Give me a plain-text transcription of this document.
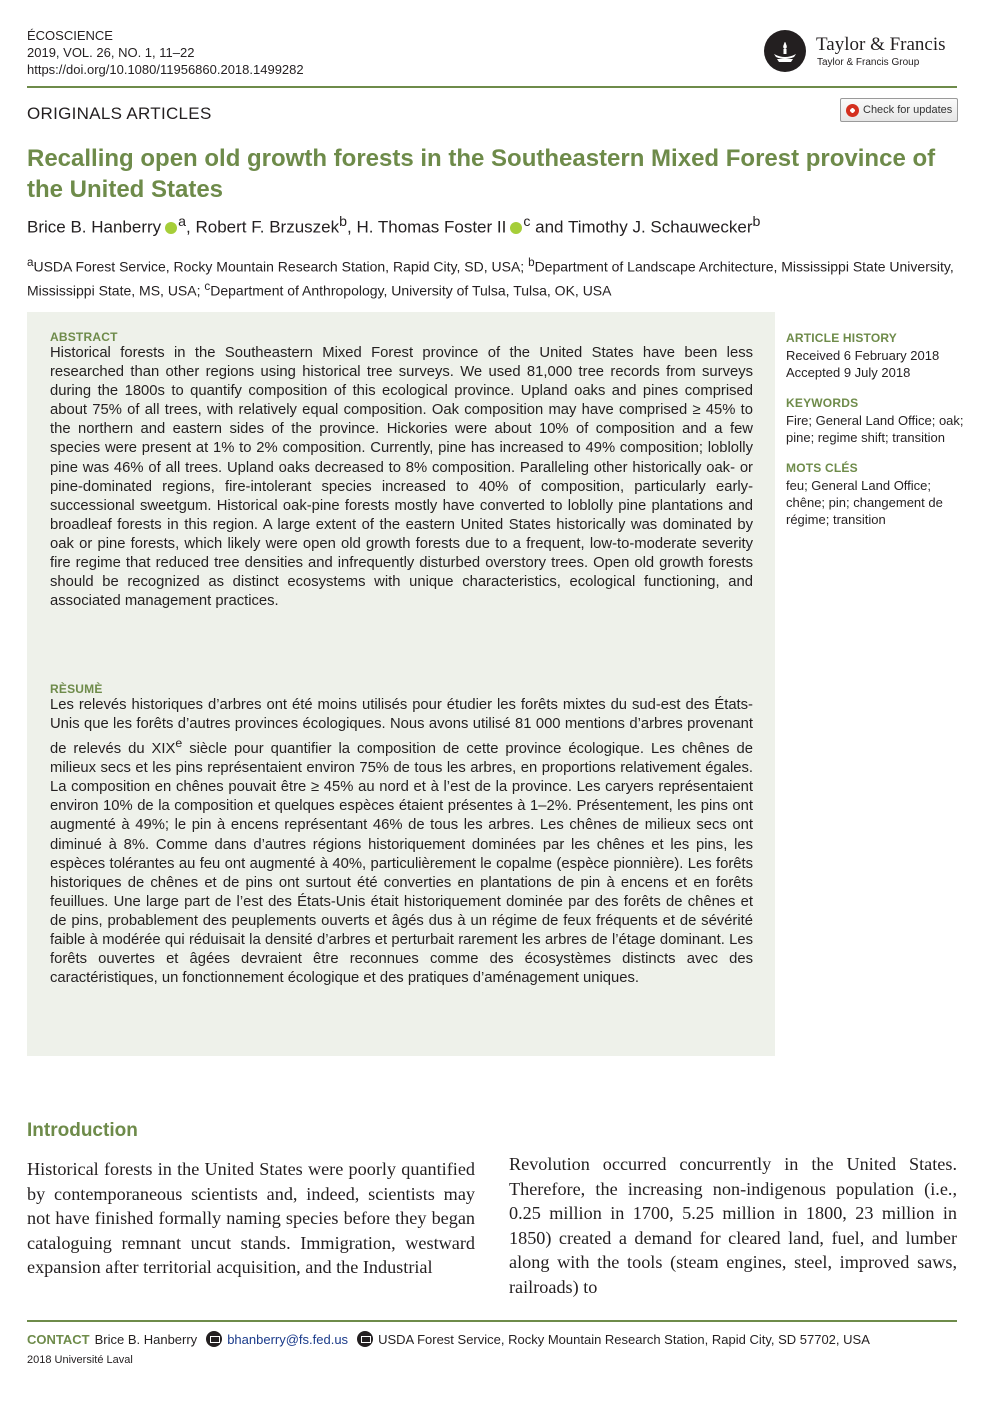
ÉCOSCIENCE
2019, VOL. 26, NO. 1, 11–22
https://doi.org/10.1080/11956860.2018.1499282
Taylor & Francis
Taylor & Francis Group
ORIGINALS ARTICLES	Check for updates
Recalling open old growth forests in the Southeastern Mixed Forest province of the United States
Brice B. Hanberry $^a$, Robert F. Brzuszek$^b$, H. Thomas Foster II $^c$ and Timothy J. Schauwecker$^b$
$^a$USDA Forest Service, Rocky Mountain Research Station, Rapid City, SD, USA; $^b$Department of Landscape Architecture, Mississippi State University, Mississippi State, MS, USA; $^c$Department of Anthropology, University of Tulsa, Tulsa, OK, USA
ABSTRACT
Historical forests in the Southeastern Mixed Forest province of the United States have been less researched than other regions using historical tree surveys. We used 81,000 tree records from surveys during the 1800s to quantify composition of this ecological province. Upland oaks and pines comprised about 75% of all trees, with relatively equal composition. Oak composition may have comprised ≥ 45% to the northern and eastern sides of the province. Hickories were about 10% of composition and a few species were present at 1% to 2% composition. Currently, pine has increased to 49% composition; loblolly pine was 46% of all trees. Upland oaks decreased to 8% composition. Paralleling other historically oak- or pine-dominated regions, fire-intolerant species increased to 40% of composition, particularly early-successional sweetgum. Historical oak-pine forests mostly have converted to loblolly pine plantations and broadleaf forests in this region. A large extent of the eastern United States historically was dominated by oak or pine forests, which likely were open old growth forests due to a frequent, low-to-moderate severity fire regime that reduced tree densities and infrequently disturbed overstory trees. Open old growth forests should be recognized as distinct ecosystems with unique characteristics, ecological functioning, and associated management practices.
RÈSUMÈ
Les relevés historiques d’arbres ont été moins utilisés pour étudier les forêts mixtes du sud-est des États-Unis que les forêts d’autres provinces écologiques. Nous avons utilisé 81 000 mentions d’arbres provenant de relevés du XIXe siècle pour quantifier la composition de cette province écologique. Les chênes de milieux secs et les pins représentaient environ 75% de tous les arbres, en proportions relativement égales. La composition en chênes pouvait être ≥ 45% au nord et à l’est de la province. Les caryers représentaient environ 10% de la composition et quelques espèces étaient présentes à 1–2%. Présentement, les pins ont augmenté à 49%; le pin à encens représentant 46% de tous les arbres. Les chênes de milieux secs ont diminué à 8%. Comme dans d’autres régions historiquement dominées par les chênes et les pins, les espèces tolérantes au feu ont augmenté à 40%, particulièrement le copalme (espèce pionnière). Les forêts historiques de chênes et de pins ont surtout été converties en plantations de pin à encens et en forêts feuillues. Une large part de l’est des États-Unis était historiquement dominée par des forêts de chênes et de pins, probablement des peuplements ouverts et âgés dus à un régime de feux fréquents et de sévérité faible à modérée qui réduisait la densité d’arbres et perturbait rarement les arbres de l’étage dominant. Les forêts ouvertes et âgées devraient être reconnues comme des écosystèmes distincts avec des caractéristiques, un fonctionnement écologique et des pratiques d’aménagement uniques.
ARTICLE HISTORY
Received 6 February 2018
Accepted 9 July 2018
KEYWORDS
Fire; General Land Office; oak; pine; regime shift; transition
MOTS CLÉS
feu; General Land Office; chêne; pin; changement de régime; transition
Introduction
Historical forests in the United States were poorly quantified by contemporaneous scientists and, indeed, scientists may not have finished formally naming species before they began cataloguing remnant uncut stands. Immigration, westward expansion after territorial acquisition, and the Industrial
Revolution occurred concurrently in the United States. Therefore, the increasing non-indigenous population (i.e., 0.25 million in 1700, 5.25 million in 1800, 23 million in 1850) created a demand for cleared land, fuel, and lumber along with the tools (steam engines, steel, improved saws, railroads) to
CONTACT Brice B. Hanberry bhanberry@fs.fed.us USDA Forest Service, Rocky Mountain Research Station, Rapid City, SD 57702, USA
2018 Université Laval
